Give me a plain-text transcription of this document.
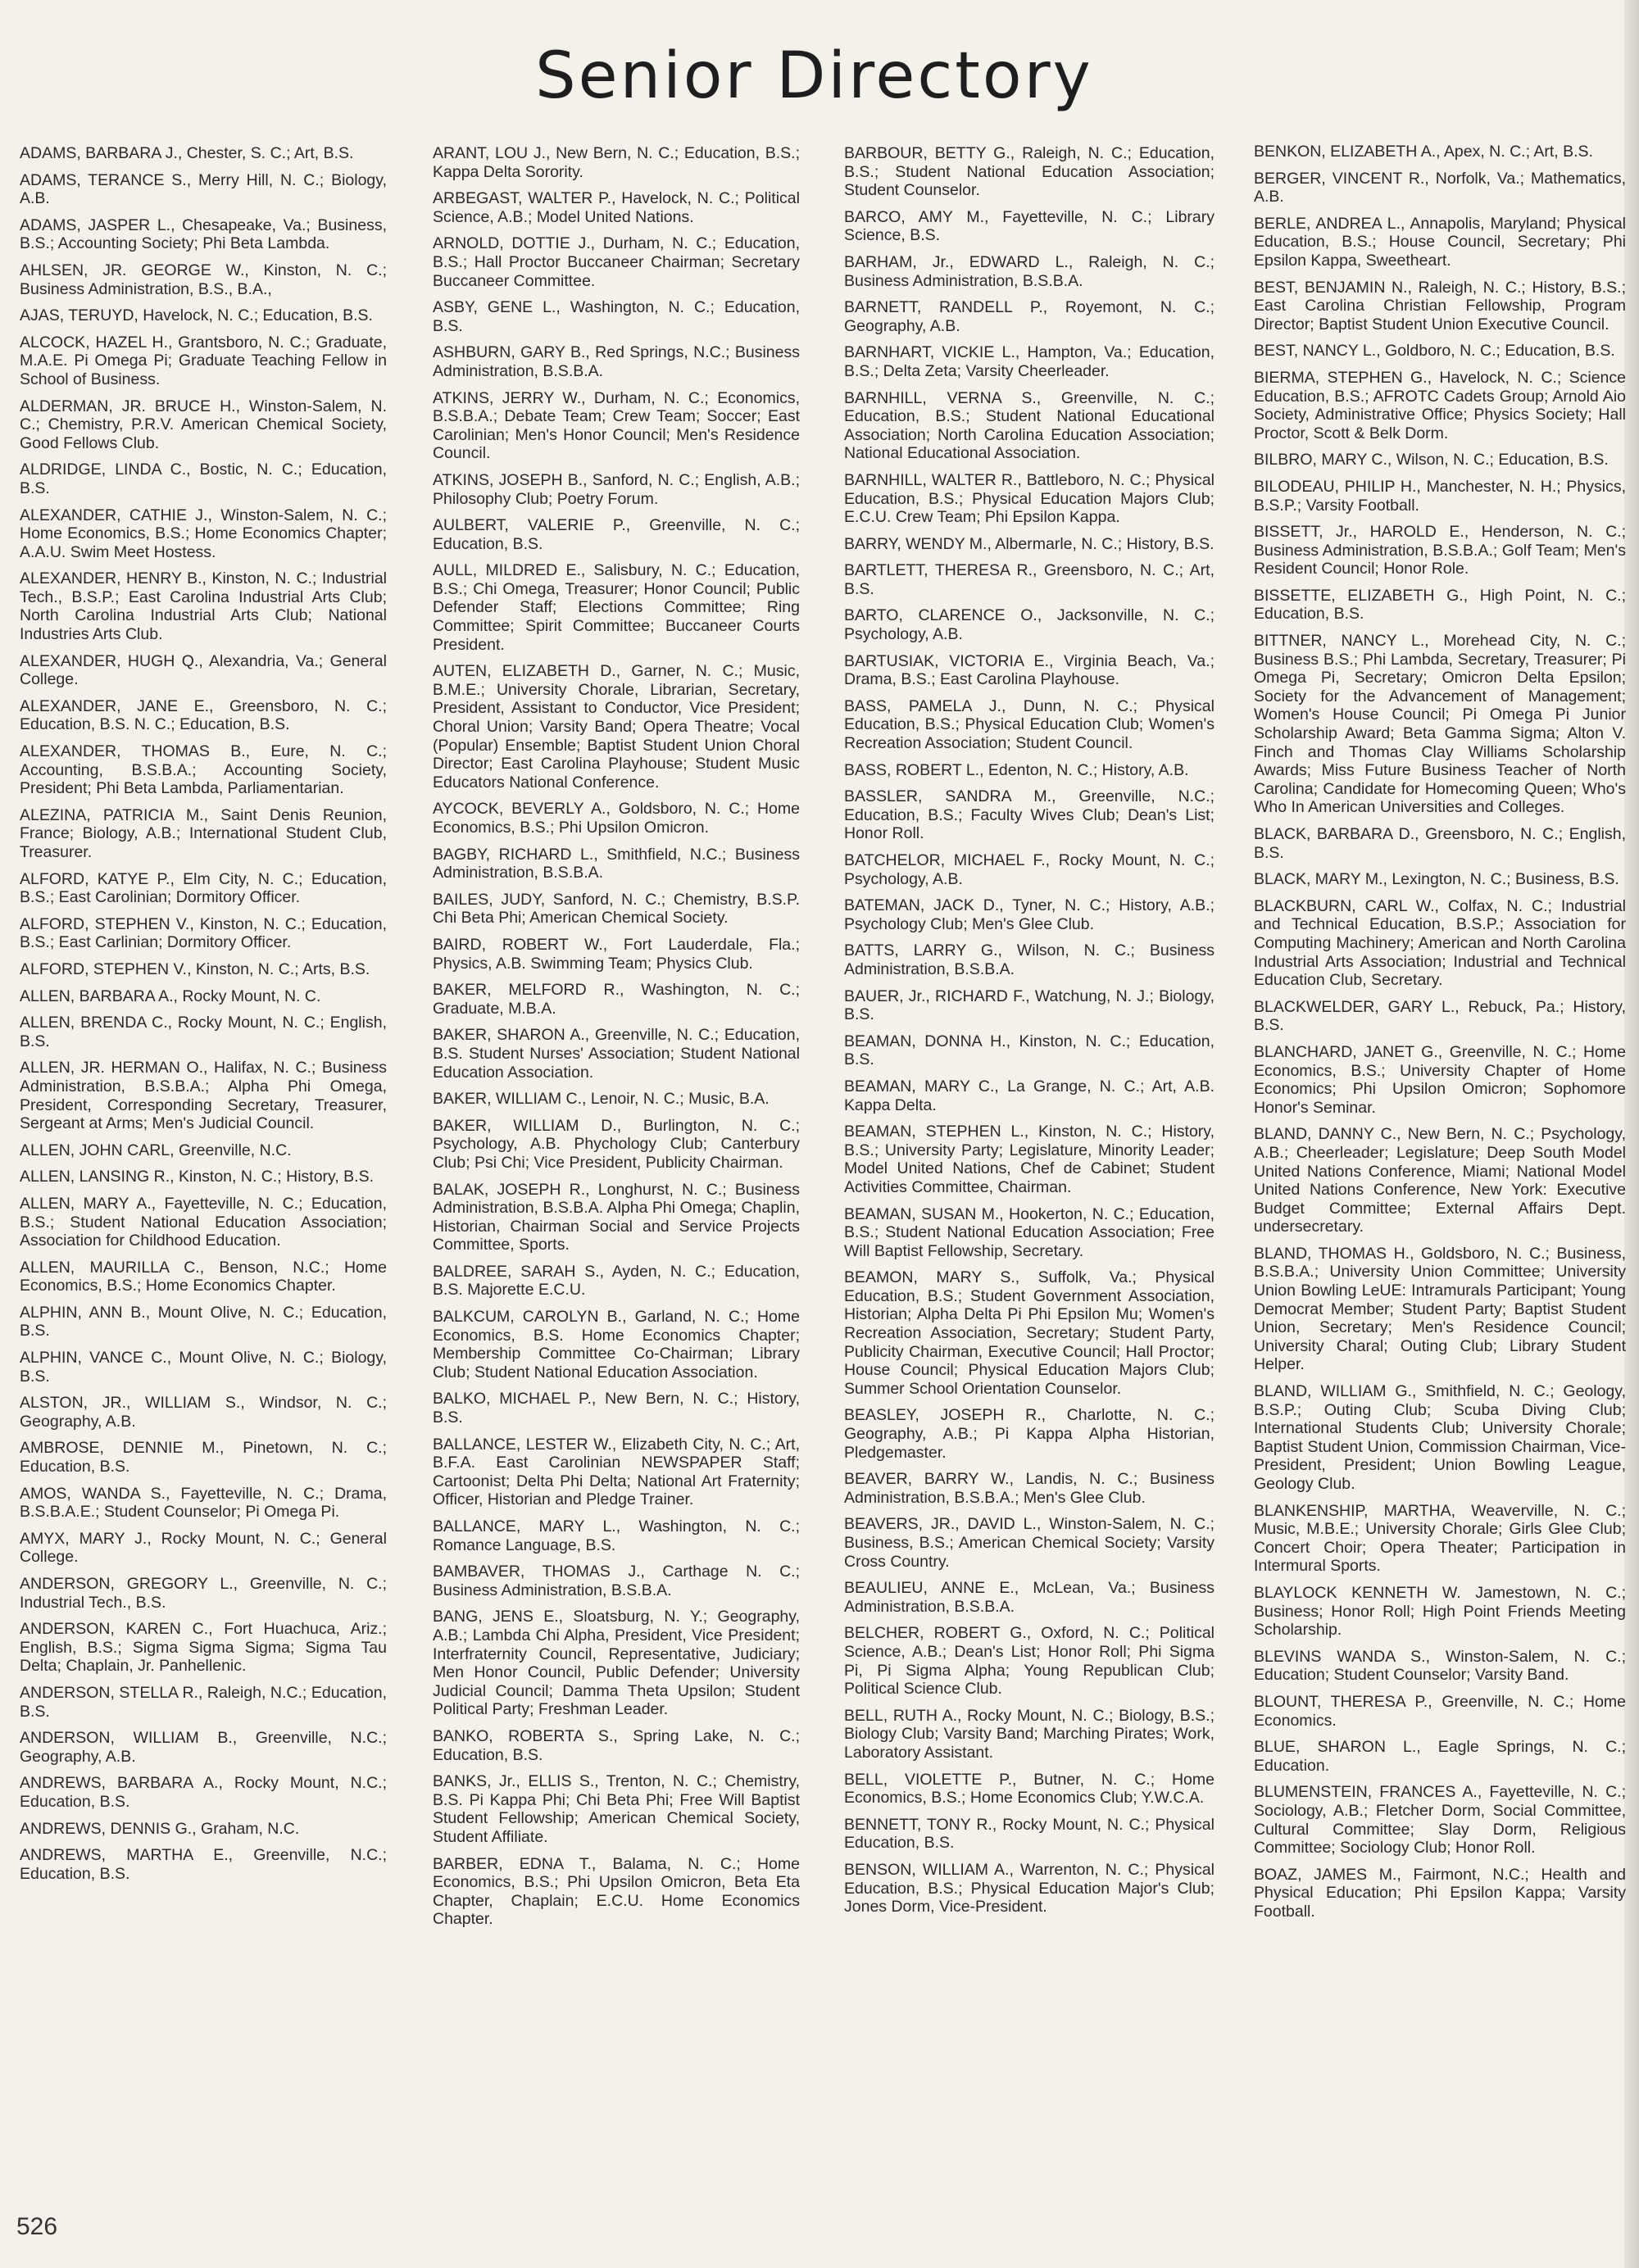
Senior Directory
ADAMS, BARBARA J., Chester, S. C.; Art, B.S.
ADAMS, TERANCE S., Merry Hill, N. C.; Biology, A.B.
ADAMS, JASPER L., Chesapeake, Va.; Business, B.S.; Accounting Society; Phi Beta Lambda.
AHLSEN, JR. GEORGE W., Kinston, N. C.; Business Administration, B.S., B.A.,
AJAS, TERUYD, Havelock, N. C.; Education, B.S.
ALCOCK, HAZEL H., Grantsboro, N. C.; Graduate, M.A.E. Pi Omega Pi; Graduate Teaching Fellow in School of Business.
ALDERMAN, JR. BRUCE H., Winston-Salem, N. C.; Chemistry, P.R.V. American Chemical Society, Good Fellows Club.
ALDRIDGE, LINDA C., Bostic, N. C.; Education, B.S.
ALEXANDER, CATHIE J., Winston-Salem, N. C.; Home Economics, B.S.; Home Economics Chapter; A.A.U. Swim Meet Hostess.
ALEXANDER, HENRY B., Kinston, N. C.; Industrial Tech., B.S.P.; East Carolina Industrial Arts Club; North Carolina Industrial Arts Club; National Industries Arts Club.
ALEXANDER, HUGH Q., Alexandria, Va.; General College.
ALEXANDER, JANE E., Greensboro, N. C.; Education, B.S. N. C.; Education, B.S.
ALEXANDER, THOMAS B., Eure, N. C.; Accounting, B.S.B.A.; Accounting Society, President; Phi Beta Lambda, Parliamentarian.
ALEZINA, PATRICIA M., Saint Denis Reunion, France; Biology, A.B.; International Student Club, Treasurer.
ALFORD, KATYE P., Elm City, N. C.; Education, B.S.; East Carolinian; Dormitory Officer.
ALFORD, STEPHEN V., Kinston, N. C.; Education, B.S.; East Carlinian; Dormitory Officer.
ALFORD, STEPHEN V., Kinston, N. C.; Arts, B.S.
ALLEN, BARBARA A., Rocky Mount, N. C.
ALLEN, BRENDA C., Rocky Mount, N. C.; English, B.S.
ALLEN, JR. HERMAN O., Halifax, N. C.; Business Administration, B.S.B.A.; Alpha Phi Omega, President, Corresponding Secretary, Treasurer, Sergeant at Arms; Men's Judicial Council.
ALLEN, JOHN CARL, Greenville, N.C.
ALLEN, LANSING R., Kinston, N. C.; History, B.S.
ALLEN, MARY A., Fayetteville, N. C.; Education, B.S.; Student National Education Association; Association for Childhood Education.
ALLEN, MAURILLA C., Benson, N.C.; Home Economics, B.S.; Home Economics Chapter.
ALPHIN, ANN B., Mount Olive, N. C.; Education, B.S.
ALPHIN, VANCE C., Mount Olive, N. C.; Biology, B.S.
ALSTON, JR., WILLIAM S., Windsor, N. C.; Geography, A.B.
AMBROSE, DENNIE M., Pinetown, N. C.; Education, B.S.
AMOS, WANDA S., Fayetteville, N. C.; Drama, B.S.B.A.E.; Student Counselor; Pi Omega Pi.
AMYX, MARY J., Rocky Mount, N. C.; General College.
ANDERSON, GREGORY L., Greenville, N. C.; Industrial Tech., B.S.
ANDERSON, KAREN C., Fort Huachuca, Ariz.; English, B.S.; Sigma Sigma Sigma; Sigma Tau Delta; Chaplain, Jr. Panhellenic.
ANDERSON, STELLA R., Raleigh, N.C.; Education, B.S.
ANDERSON, WILLIAM B., Greenville, N.C.; Geography, A.B.
ANDREWS, BARBARA A., Rocky Mount, N.C.; Education, B.S.
ANDREWS, DENNIS G., Graham, N.C.
ANDREWS, MARTHA E., Greenville, N.C.; Education, B.S.
ARANT, LOU J., New Bern, N. C.; Education, B.S.; Kappa Delta Sorority.
ARBEGAST, WALTER P., Havelock, N. C.; Political Science, A.B.; Model United Nations.
ARNOLD, DOTTIE J., Durham, N. C.; Education, B.S.; Hall Proctor Buccaneer Chairman; Secretary Buccaneer Committee.
ASBY, GENE L., Washington, N. C.; Education, B.S.
ASHBURN, GARY B., Red Springs, N.C.; Business Administration, B.S.B.A.
ATKINS, JERRY W., Durham, N. C.; Economics, B.S.B.A.; Debate Team; Crew Team; Soccer; East Carolinian; Men's Honor Council; Men's Residence Council.
ATKINS, JOSEPH B., Sanford, N. C.; English, A.B.; Philosophy Club; Poetry Forum.
AULBERT, VALERIE P., Greenville, N. C.; Education, B.S.
AULL, MILDRED E., Salisbury, N. C.; Education, B.S.; Chi Omega, Treasurer; Honor Council; Public Defender Staff; Elections Committee; Ring Committee; Spirit Committee; Buccaneer Courts President.
AUTEN, ELIZABETH D., Garner, N. C.; Music, B.M.E.; University Chorale, Librarian, Secretary, President, Assistant to Conductor, Vice President; Choral Union; Varsity Band; Opera Theatre; Vocal (Popular) Ensemble; Baptist Student Union Choral Director; East Carolina Playhouse; Student Music Educators National Conference.
AYCOCK, BEVERLY A., Goldsboro, N. C.; Home Economics, B.S.; Phi Upsilon Omicron.
BAGBY, RICHARD L., Smithfield, N.C.; Business Administration, B.S.B.A.
BAILES, JUDY, Sanford, N. C.; Chemistry, B.S.P. Chi Beta Phi; American Chemical Society.
BAIRD, ROBERT W., Fort Lauderdale, Fla.; Physics, A.B. Swimming Team; Physics Club.
BAKER, MELFORD R., Washington, N. C.; Graduate, M.B.A.
BAKER, SHARON A., Greenville, N. C.; Education, B.S. Student Nurses' Association; Student National Education Association.
BAKER, WILLIAM C., Lenoir, N. C.; Music, B.A.
BAKER, WILLIAM D., Burlington, N. C.; Psychology, A.B. Phychology Club; Canterbury Club; Psi Chi; Vice President, Publicity Chairman.
BALAK, JOSEPH R., Longhurst, N. C.; Business Administration, B.S.B.A. Alpha Phi Omega; Chaplin, Historian, Chairman Social and Service Projects Committee, Sports.
BALDREE, SARAH S., Ayden, N. C.; Education, B.S. Majorette E.C.U.
BALKCUM, CAROLYN B., Garland, N. C.; Home Economics, B.S. Home Economics Chapter; Membership Committee Co-Chairman; Library Club; Student National Education Association.
BALKO, MICHAEL P., New Bern, N. C.; History, B.S.
BALLANCE, LESTER W., Elizabeth City, N. C.; Art, B.F.A. East Carolinian NEWSPAPER Staff; Cartoonist; Delta Phi Delta; National Art Fraternity; Officer, Historian and Pledge Trainer.
BALLANCE, MARY L., Washington, N. C.; Romance Language, B.S.
BAMBAVER, THOMAS J., Carthage N. C.; Business Administration, B.S.B.A.
BANG, JENS E., Sloatsburg, N. Y.; Geography, A.B.; Lambda Chi Alpha, President, Vice President; Interfraternity Council, Representative, Judiciary; Men Honor Council, Public Defender; University Judicial Council; Damma Theta Upsilon; Student Political Party; Freshman Leader.
BANKO, ROBERTA S., Spring Lake, N. C.; Education, B.S.
BANKS, Jr., ELLIS S., Trenton, N. C.; Chemistry, B.S. Pi Kappa Phi; Chi Beta Phi; Free Will Baptist Student Fellowship; American Chemical Society, Student Affiliate.
BARBER, EDNA T., Balama, N. C.; Home Economics, B.S.; Phi Upsilon Omicron, Beta Eta Chapter, Chaplain; E.C.U. Home Economics Chapter.
BARBOUR, BETTY G., Raleigh, N. C.; Education, B.S.; Student National Education Association; Student Counselor.
BARCO, AMY M., Fayetteville, N. C.; Library Science, B.S.
BARHAM, Jr., EDWARD L., Raleigh, N. C.; Business Administration, B.S.B.A.
BARNETT, RANDELL P., Royemont, N. C.; Geography, A.B.
BARNHART, VICKIE L., Hampton, Va.; Education, B.S.; Delta Zeta; Varsity Cheerleader.
BARNHILL, VERNA S., Greenville, N. C.; Education, B.S.; Student National Educational Association; North Carolina Education Association; National Educational Association.
BARNHILL, WALTER R., Battleboro, N. C.; Physical Education, B.S.; Physical Education Majors Club; E.C.U. Crew Team; Phi Epsilon Kappa.
BARRY, WENDY M., Albermarle, N. C.; History, B.S.
BARTLETT, THERESA R., Greensboro, N. C.; Art, B.S.
BARTO, CLARENCE O., Jacksonville, N. C.; Psychology, A.B.
BARTUSIAK, VICTORIA E., Virginia Beach, Va.; Drama, B.S.; East Carolina Playhouse.
BASS, PAMELA J., Dunn, N. C.; Physical Education, B.S.; Physical Education Club; Women's Recreation Association; Student Council.
BASS, ROBERT L., Edenton, N. C.; History, A.B.
BASSLER, SANDRA M., Greenville, N.C.; Education, B.S.; Faculty Wives Club; Dean's List; Honor Roll.
BATCHELOR, MICHAEL F., Rocky Mount, N. C.; Psychology, A.B.
BATEMAN, JACK D., Tyner, N. C.; History, A.B.; Psychology Club; Men's Glee Club.
BATTS, LARRY G., Wilson, N. C.; Business Administration, B.S.B.A.
BAUER, Jr., RICHARD F., Watchung, N. J.; Biology, B.S.
BEAMAN, DONNA H., Kinston, N. C.; Education, B.S.
BEAMAN, MARY C., La Grange, N. C.; Art, A.B. Kappa Delta.
BEAMAN, STEPHEN L., Kinston, N. C.; History, B.S.; University Party; Legislature, Minority Leader; Model United Nations, Chef de Cabinet; Student Activities Committee, Chairman.
BEAMAN, SUSAN M., Hookerton, N. C.; Education, B.S.; Student National Education Association; Free Will Baptist Fellowship, Secretary.
BEAMON, MARY S., Suffolk, Va.; Physical Education, B.S.; Student Government Association, Historian; Alpha Delta Pi Phi Epsilon Mu; Women's Recreation Association, Secretary; Student Party, Publicity Chairman, Executive Council; Hall Proctor; House Council; Physical Education Majors Club; Summer School Orientation Counselor.
BEASLEY, JOSEPH R., Charlotte, N. C.; Geography, A.B.; Pi Kappa Alpha Historian, Pledgemaster.
BEAVER, BARRY W., Landis, N. C.; Business Administration, B.S.B.A.; Men's Glee Club.
BEAVERS, JR., DAVID L., Winston-Salem, N. C.; Business, B.S.; American Chemical Society; Varsity Cross Country.
BEAULIEU, ANNE E., McLean, Va.; Business Administration, B.S.B.A.
BELCHER, ROBERT G., Oxford, N. C.; Political Science, A.B.; Dean's List; Honor Roll; Phi Sigma Pi, Pi Sigma Alpha; Young Republican Club; Political Science Club.
BELL, RUTH A., Rocky Mount, N. C.; Biology, B.S.; Biology Club; Varsity Band; Marching Pirates; Work, Laboratory Assistant.
BELL, VIOLETTE P., Butner, N. C.; Home Economics, B.S.; Home Economics Club; Y.W.C.A.
BENNETT, TONY R., Rocky Mount, N. C.; Physical Education, B.S.
BENSON, WILLIAM A., Warrenton, N. C.; Physical Education, B.S.; Physical Education Major's Club; Jones Dorm, Vice-President.
BENKON, ELIZABETH A., Apex, N. C.; Art, B.S.
BERGER, VINCENT R., Norfolk, Va.; Mathematics, A.B.
BERLE, ANDREA L., Annapolis, Maryland; Physical Education, B.S.; House Council, Secretary; Phi Epsilon Kappa, Sweetheart.
BEST, BENJAMIN N., Raleigh, N. C.; History, B.S.; East Carolina Christian Fellowship, Program Director; Baptist Student Union Executive Council.
BEST, NANCY L., Goldboro, N. C.; Education, B.S.
BIERMA, STEPHEN G., Havelock, N. C.; Science Education, B.S.; AFROTC Cadets Group; Arnold Aio Society, Administrative Office; Physics Society; Hall Proctor, Scott & Belk Dorm.
BILBRO, MARY C., Wilson, N. C.; Education, B.S.
BILODEAU, PHILIP H., Manchester, N. H.; Physics, B.S.P.; Varsity Football.
BISSETT, Jr., HAROLD E., Henderson, N. C.; Business Administration, B.S.B.A.; Golf Team; Men's Resident Council; Honor Role.
BISSETTE, ELIZABETH G., High Point, N. C.; Education, B.S.
BITTNER, NANCY L., Morehead City, N. C.; Business B.S.; Phi Lambda, Secretary, Treasurer; Pi Omega Pi, Secretary; Omicron Delta Epsilon; Society for the Advancement of Management; Women's House Council; Pi Omega Pi Junior Scholarship Award; Beta Gamma Sigma; Alton V. Finch and Thomas Clay Williams Scholarship Awards; Miss Future Business Teacher of North Carolina; Candidate for Homecoming Queen; Who's Who In American Universities and Colleges.
BLACK, BARBARA D., Greensboro, N. C.; English, B.S.
BLACK, MARY M., Lexington, N. C.; Business, B.S.
BLACKBURN, CARL W., Colfax, N. C.; Industrial and Technical Education, B.S.P.; Association for Computing Machinery; American and North Carolina Industrial Arts Association; Industrial and Technical Education Club, Secretary.
BLACKWELDER, GARY L., Rebuck, Pa.; History, B.S.
BLANCHARD, JANET G., Greenville, N. C.; Home Economics, B.S.; University Chapter of Home Economics; Phi Upsilon Omicron; Sophomore Honor's Seminar.
BLAND, DANNY C., New Bern, N. C.; Psychology, A.B.; Cheerleader; Legislature; Deep South Model United Nations Conference, Miami; National Model United Nations Conference, New York: Executive Budget Committee; External Affairs Dept. undersecretary.
BLAND, THOMAS H., Goldsboro, N. C.; Business, B.S.B.A.; University Union Committee; University Union Bowling LeUE: Intramurals Participant; Young Democrat Member; Student Party; Baptist Student Union, Secretary; Men's Residence Council; University Charal; Outing Club; Library Student Helper.
BLAND, WILLIAM G., Smithfield, N. C.; Geology, B.S.P.; Outing Club; Scuba Diving Club; International Students Club; University Chorale; Baptist Student Union, Commission Chairman, Vice-President, President; Union Bowling League, Geology Club.
BLANKENSHIP, MARTHA, Weaverville, N. C.; Music, M.B.E.; University Chorale; Girls Glee Club; Concert Choir; Opera Theater; Participation in Intermural Sports.
BLAYLOCK KENNETH W. Jamestown, N. C.; Business; Honor Roll; High Point Friends Meeting Scholarship.
BLEVINS WANDA S., Winston-Salem, N. C.; Education; Student Counselor; Varsity Band.
BLOUNT, THERESA P., Greenville, N. C.; Home Economics.
BLUE, SHARON L., Eagle Springs, N. C.; Education.
BLUMENSTEIN, FRANCES A., Fayetteville, N. C.; Sociology, A.B.; Fletcher Dorm, Social Committee, Cultural Committee; Slay Dorm, Religious Committee; Sociology Club; Honor Roll.
BOAZ, JAMES M., Fairmont, N.C.; Health and Physical Education; Phi Epsilon Kappa; Varsity Football.
526
